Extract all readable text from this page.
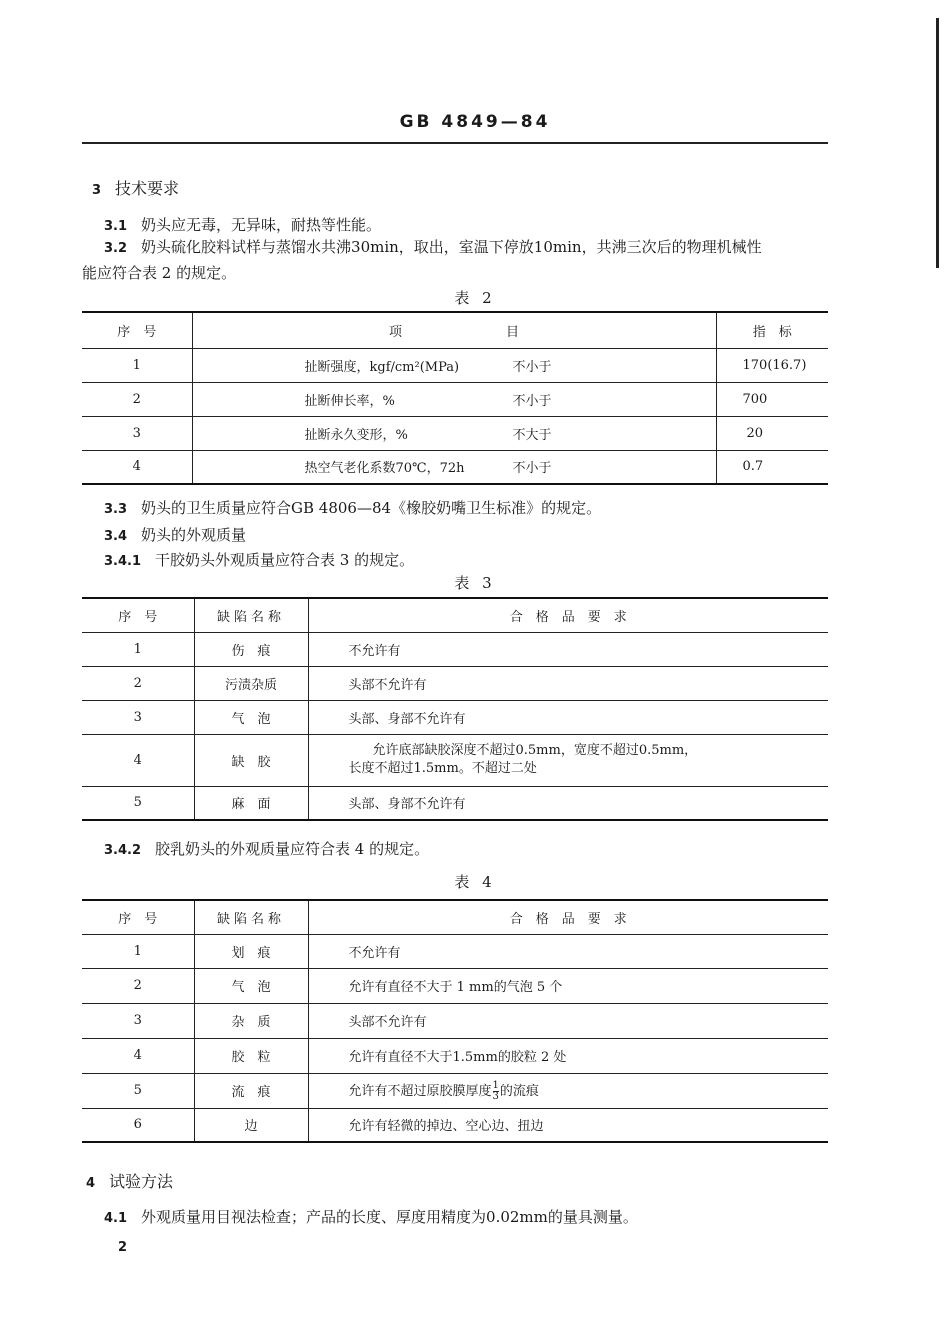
GB 4849—84
3 技术要求
3.1 奶头应无毒，无异味，耐热等性能。
3.2 奶头硫化胶料试样与蒸馏水共沸30min，取出，室温下停放10min，共沸三次后的物理机械性
能应符合表 2 的规定。
表 2
序　号	项　　　　　　　　目	指　标
1	扯断强度，kgf/cm²(MPa) 不小于	170(16.7)
2	扯断伸长率，% 不小于	700
3	扯断永久变形，% 不大于	20
4	热空气老化系数70℃，72h 不小于	0.7
3.3 奶头的卫生质量应符合GB 4806—84《橡胶奶嘴卫生标准》的规定。
3.4 奶头的外观质量
3.4.1 干胶奶头外观质量应符合表 3 的规定。
表 3
序　号	缺陷名称	合　格　品　要　求
1	伤　痕	不允许有
2	污渍杂质	头部不允许有
3	气　泡	头部、身部不允许有
4	缺　胶	允许底部缺胶深度不超过0.5mm，宽度不超过0.5mm，
长度不超过1.5mm。不超过二处

5	麻　面	头部、身部不允许有
3.4.2 胶乳奶头的外观质量应符合表 4 的规定。
表 4
序　号	缺陷名称	合　格　品　要　求
1	划　痕	不允许有
2	气　泡	允许有直径不大于 1 mm的气泡 5 个
3	杂　质	头部不允许有
4	胶　粒	允许有直径不大于1.5mm的胶粒 2 处
5	流　痕	允许有不超过原胶膜厚度 $\frac{1}{3}$ 的流痕
6	边	允许有轻微的掉边、空心边、扭边
4 试验方法
4.1 外观质量用目视法检查；产品的长度、厚度用精度为0.02mm的量具测量。
2
